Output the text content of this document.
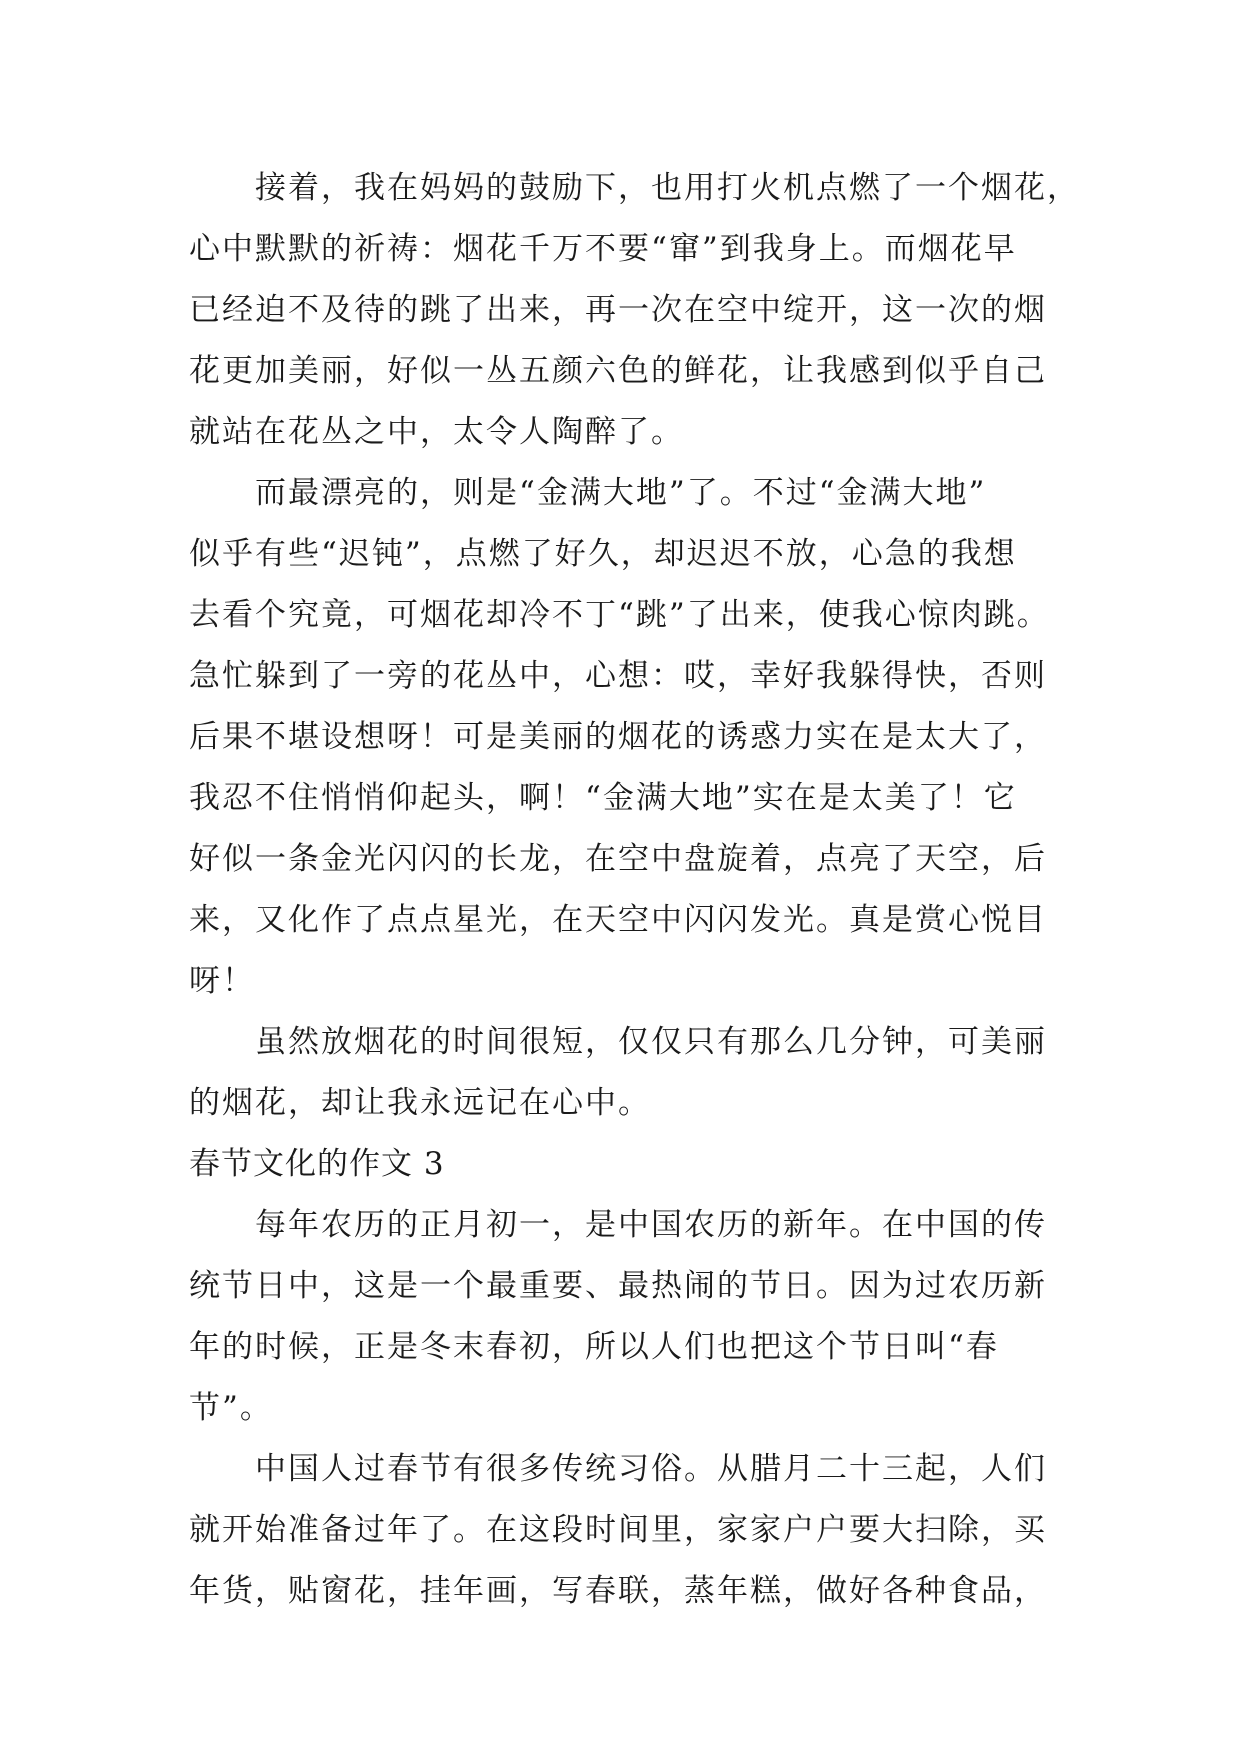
接着，我在妈妈的鼓励下，也用打火机点燃了一个烟花，
心中默默的祈祷：烟花千万不要“窜”到我身上。而烟花早
已经迫不及待的跳了出来，再一次在空中绽开，这一次的烟
花更加美丽，好似一丛五颜六色的鲜花，让我感到似乎自己
就站在花丛之中，太令人陶醉了。
而最漂亮的，则是“金满大地”了。不过“金满大地”
似乎有些“迟钝”，点燃了好久，却迟迟不放，心急的我想
去看个究竟，可烟花却冷不丁“跳”了出来，使我心惊肉跳。
急忙躲到了一旁的花丛中，心想：哎，幸好我躲得快，否则
后果不堪设想呀！可是美丽的烟花的诱惑力实在是太大了，
我忍不住悄悄仰起头，啊！“金满大地”实在是太美了！它
好似一条金光闪闪的长龙，在空中盘旋着，点亮了天空，后
来，又化作了点点星光，在天空中闪闪发光。真是赏心悦目
呀！
虽然放烟花的时间很短，仅仅只有那么几分钟，可美丽
的烟花，却让我永远记在心中。
春节文化的作文 3
每年农历的正月初一，是中国农历的新年。在中国的传
统节日中，这是一个最重要、最热闹的节日。因为过农历新
年的时候，正是冬末春初，所以人们也把这个节日叫“春
节”。
中国人过春节有很多传统习俗。从腊月二十三起，人们
就开始准备过年了。在这段时间里，家家户户要大扫除，买
年货，贴窗花，挂年画，写春联，蒸年糕，做好各种食品，
